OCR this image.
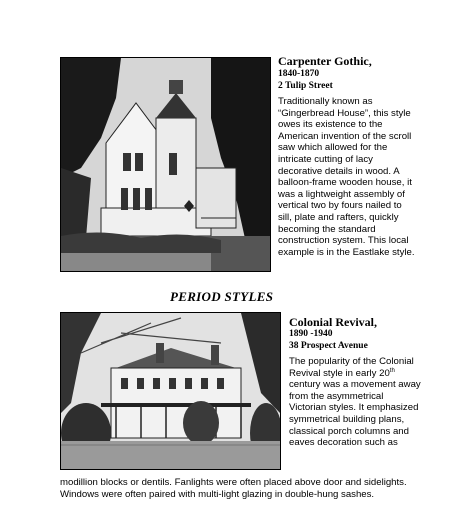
Carpenter Gothic,

1840-1870

2 Tulip Street

Traditionally known as “Gingerbread House”, this style owes its existence to the American invention of the scroll saw which allowed for the intricate cutting of lacy decorative details in wood. A balloon-frame wooden house, it was a lightweight assembly of vertical two by fours nailed to sill, plate and rafters, quickly becoming the standard construction system. This local example is in the Eastlake style.

PERIOD STYLES
Colonial Revival,

1890 -1940

38 Prospect Avenue

The popularity of the Colonial Revival style in early 20th century was a movement away from the asymmetrical Victorian styles. It emphasized symmetrical building plans, classical porch columns and eaves decoration such as

modillion blocks or dentils. Fanlights were often placed above door and sidelights. Windows were often paired with multi-light glazing in double-hung sashes.
